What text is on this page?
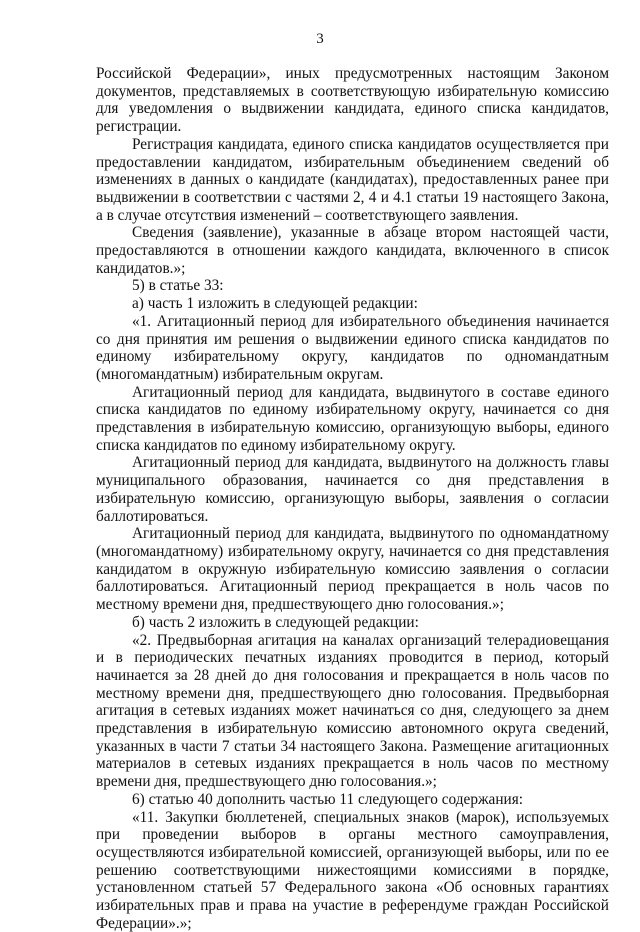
3

Российской Федерации», иных предусмотренных настоящим Законом документов, представляемых в соответствующую избирательную комиссию для уведомления о выдвижении кандидата, единого списка кандидатов, регистрации.

Регистрация кандидата, единого списка кандидатов осуществляется при предоставлении кандидатом, избирательным объединением сведений об изменениях в данных о кандидате (кандидатах), предоставленных ранее при выдвижении в соответствии с частями 2, 4 и 4.1 статьи 19 настоящего Закона, а в случае отсутствия изменений – соответствующего заявления.

Сведения (заявление), указанные в абзаце втором настоящей части, предоставляются в отношении каждого кандидата, включенного в список кандидатов.»;

5) в статье 33:

а) часть 1 изложить в следующей редакции:

«1. Агитационный период для избирательного объединения начинается со дня принятия им решения о выдвижении единого списка кандидатов по единому избирательному округу, кандидатов по одномандатным (многомандатным) избирательным округам.

Агитационный период для кандидата, выдвинутого в составе единого списка кандидатов по единому избирательному округу, начинается со дня представления в избирательную комиссию, организующую выборы, единого списка кандидатов по единому избирательному округу.

Агитационный период для кандидата, выдвинутого на должность главы муниципального образования, начинается со дня представления в избирательную комиссию, организующую выборы, заявления о согласии баллотироваться.

Агитационный период для кандидата, выдвинутого по одномандатному (многомандатному) избирательному округу, начинается со дня представления кандидатом в окружную избирательную комиссию заявления о согласии баллотироваться. Агитационный период прекращается в ноль часов по местному времени дня, предшествующего дню голосования.»;

б) часть 2 изложить в следующей редакции:

«2. Предвыборная агитация на каналах организаций телерадиовещания и в периодических печатных изданиях проводится в период, который начинается за 28 дней до дня голосования и прекращается в ноль часов по местному времени дня, предшествующего дню голосования. Предвыборная агитация в сетевых изданиях может начинаться со дня, следующего за днем представления в избирательную комиссию автономного округа сведений, указанных в части 7 статьи 34 настоящего Закона. Размещение агитационных материалов в сетевых изданиях прекращается в ноль часов по местному времени дня, предшествующего дню голосования.»;

6) статью 40 дополнить частью 11 следующего содержания:

«11. Закупки бюллетеней, специальных знаков (марок), используемых при проведении выборов в органы местного самоуправления, осуществляются избирательной комиссией, организующей выборы, или по ее решению соответствующими нижестоящими комиссиями в порядке, установленном статьей 57 Федерального закона «Об основных гарантиях избирательных прав и права на участие в референдуме граждан Российской Федерации».»;
